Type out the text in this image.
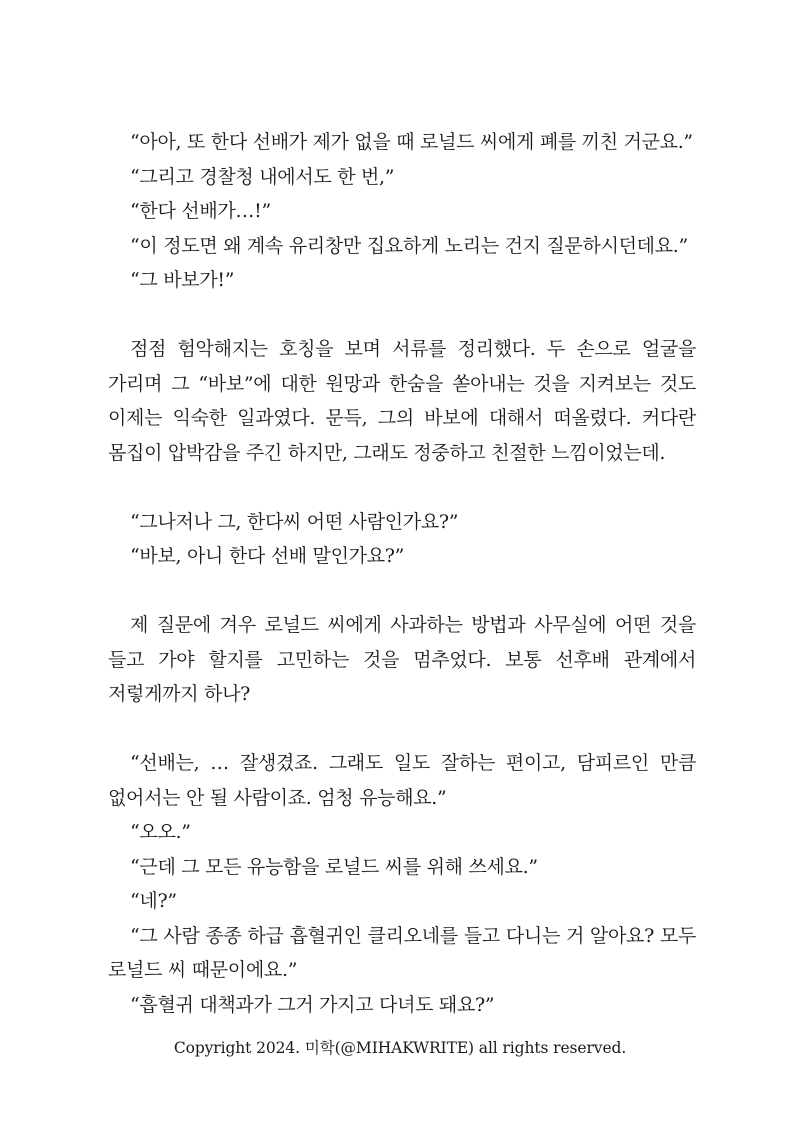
“아아, 또 한다 선배가 제가 없을 때 로널드 씨에게 폐를 끼친 거군요.”

“그리고 경찰청 내에서도 한 번,”

“한다 선배가…!”

“이 정도면 왜 계속 유리창만 집요하게 노리는 건지 질문하시던데요.”

“그 바보가!”

점점 험악해지는 호칭을 보며 서류를 정리했다. 두 손으로 얼굴을 가리며 그 “바보”에 대한 원망과 한숨을 쏟아내는 것을 지켜보는 것도 이제는 익숙한 일과였다. 문득, 그의 바보에 대해서 떠올렸다. 커다란 몸집이 압박감을 주긴 하지만, 그래도 정중하고 친절한 느낌이었는데.

“그나저나 그, 한다씨 어떤 사람인가요?”

“바보, 아니 한다 선배 말인가요?”

제 질문에 겨우 로널드 씨에게 사과하는 방법과 사무실에 어떤 것을 들고 가야 할지를 고민하는 것을 멈추었다. 보통 선후배 관계에서 저렇게까지 하나?

“선배는, … 잘생겼죠. 그래도 일도 잘하는 편이고, 담피르인 만큼 없어서는 안 될 사람이죠. 엄청 유능해요.”

“오오.”

“근데 그 모든 유능함을 로널드 씨를 위해 쓰세요.”

“네?”

“그 사람 종종 하급 흡혈귀인 클리오네를 들고 다니는 거 알아요? 모두 로널드 씨 때문이에요.”

“흡혈귀 대책과가 그거 가지고 다녀도 돼요?”

Copyright 2024. 미학(@MIHAKWRITE) all rights reserved.
